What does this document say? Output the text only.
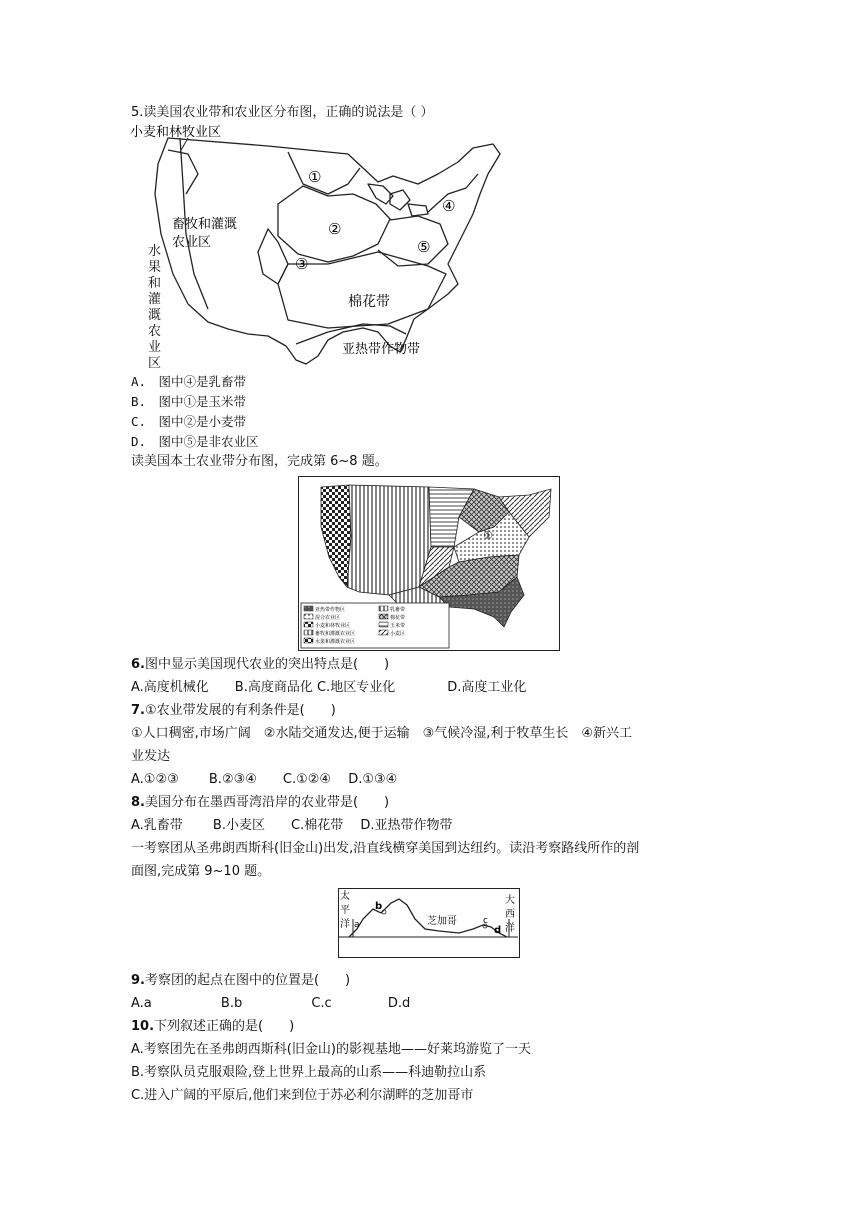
5.读美国农业带和农业区分布图，正确的说法是（ ）
小麦和林牧业区
畜牧和灌溉
农业区
棉花带
亚热带作物带
①
②
③
④
⑤
水果和灌溉农业区
A.　图中④是乳畜带
B.　图中①是玉米带
C.　图中②是小麦带
D.　图中⑤是非农业区
读美国本土农业带分布图，完成第 6~8 题。
①
亚热带作物区	乳畜带
混合农业区	棉花带
小麦和林牧业区	玉米带
畜牧和灌溉农业区	小麦区
水果和灌溉农业区
6.图中显示美国现代农业的突出特点是(　　)
A.高度机械化　　B.高度商品化 C.地区专业化　　　　D.高度工业化
7.①农业带发展的有利条件是(　　)
①人口稠密,市场广阔　②水陆交通发达,便于运输　③气候冷湿,利于牧草生长　④新兴工
业发达
A.①②③　　 B.②③④　　C.①②④　 D.①③④
8.美国分布在墨西哥湾沿岸的农业带是(　　)
A.乳畜带　　 B.小麦区　　C.棉花带　 D.亚热带作物带
一考察团从圣弗朗西斯科(旧金山)出发,沿直线横穿美国到达纽约。读沿考察路线所作的剖
面图,完成第 9~10 题。
太
平
洋
大
西
洋
芝加哥
a
b
c
d
9.考察团的起点在图中的位置是(　　)
A.a　　　　　 B.b　　　　　 C.c　　　　 D.d
10.下列叙述正确的是(　　)
A.考察团先在圣弗朗西斯科(旧金山)的影视基地——好莱坞游览了一天
B.考察队员克服艰险,登上世界上最高的山系——科迪勒拉山系
C.进入广阔的平原后,他们来到位于苏必利尔湖畔的芝加哥市
